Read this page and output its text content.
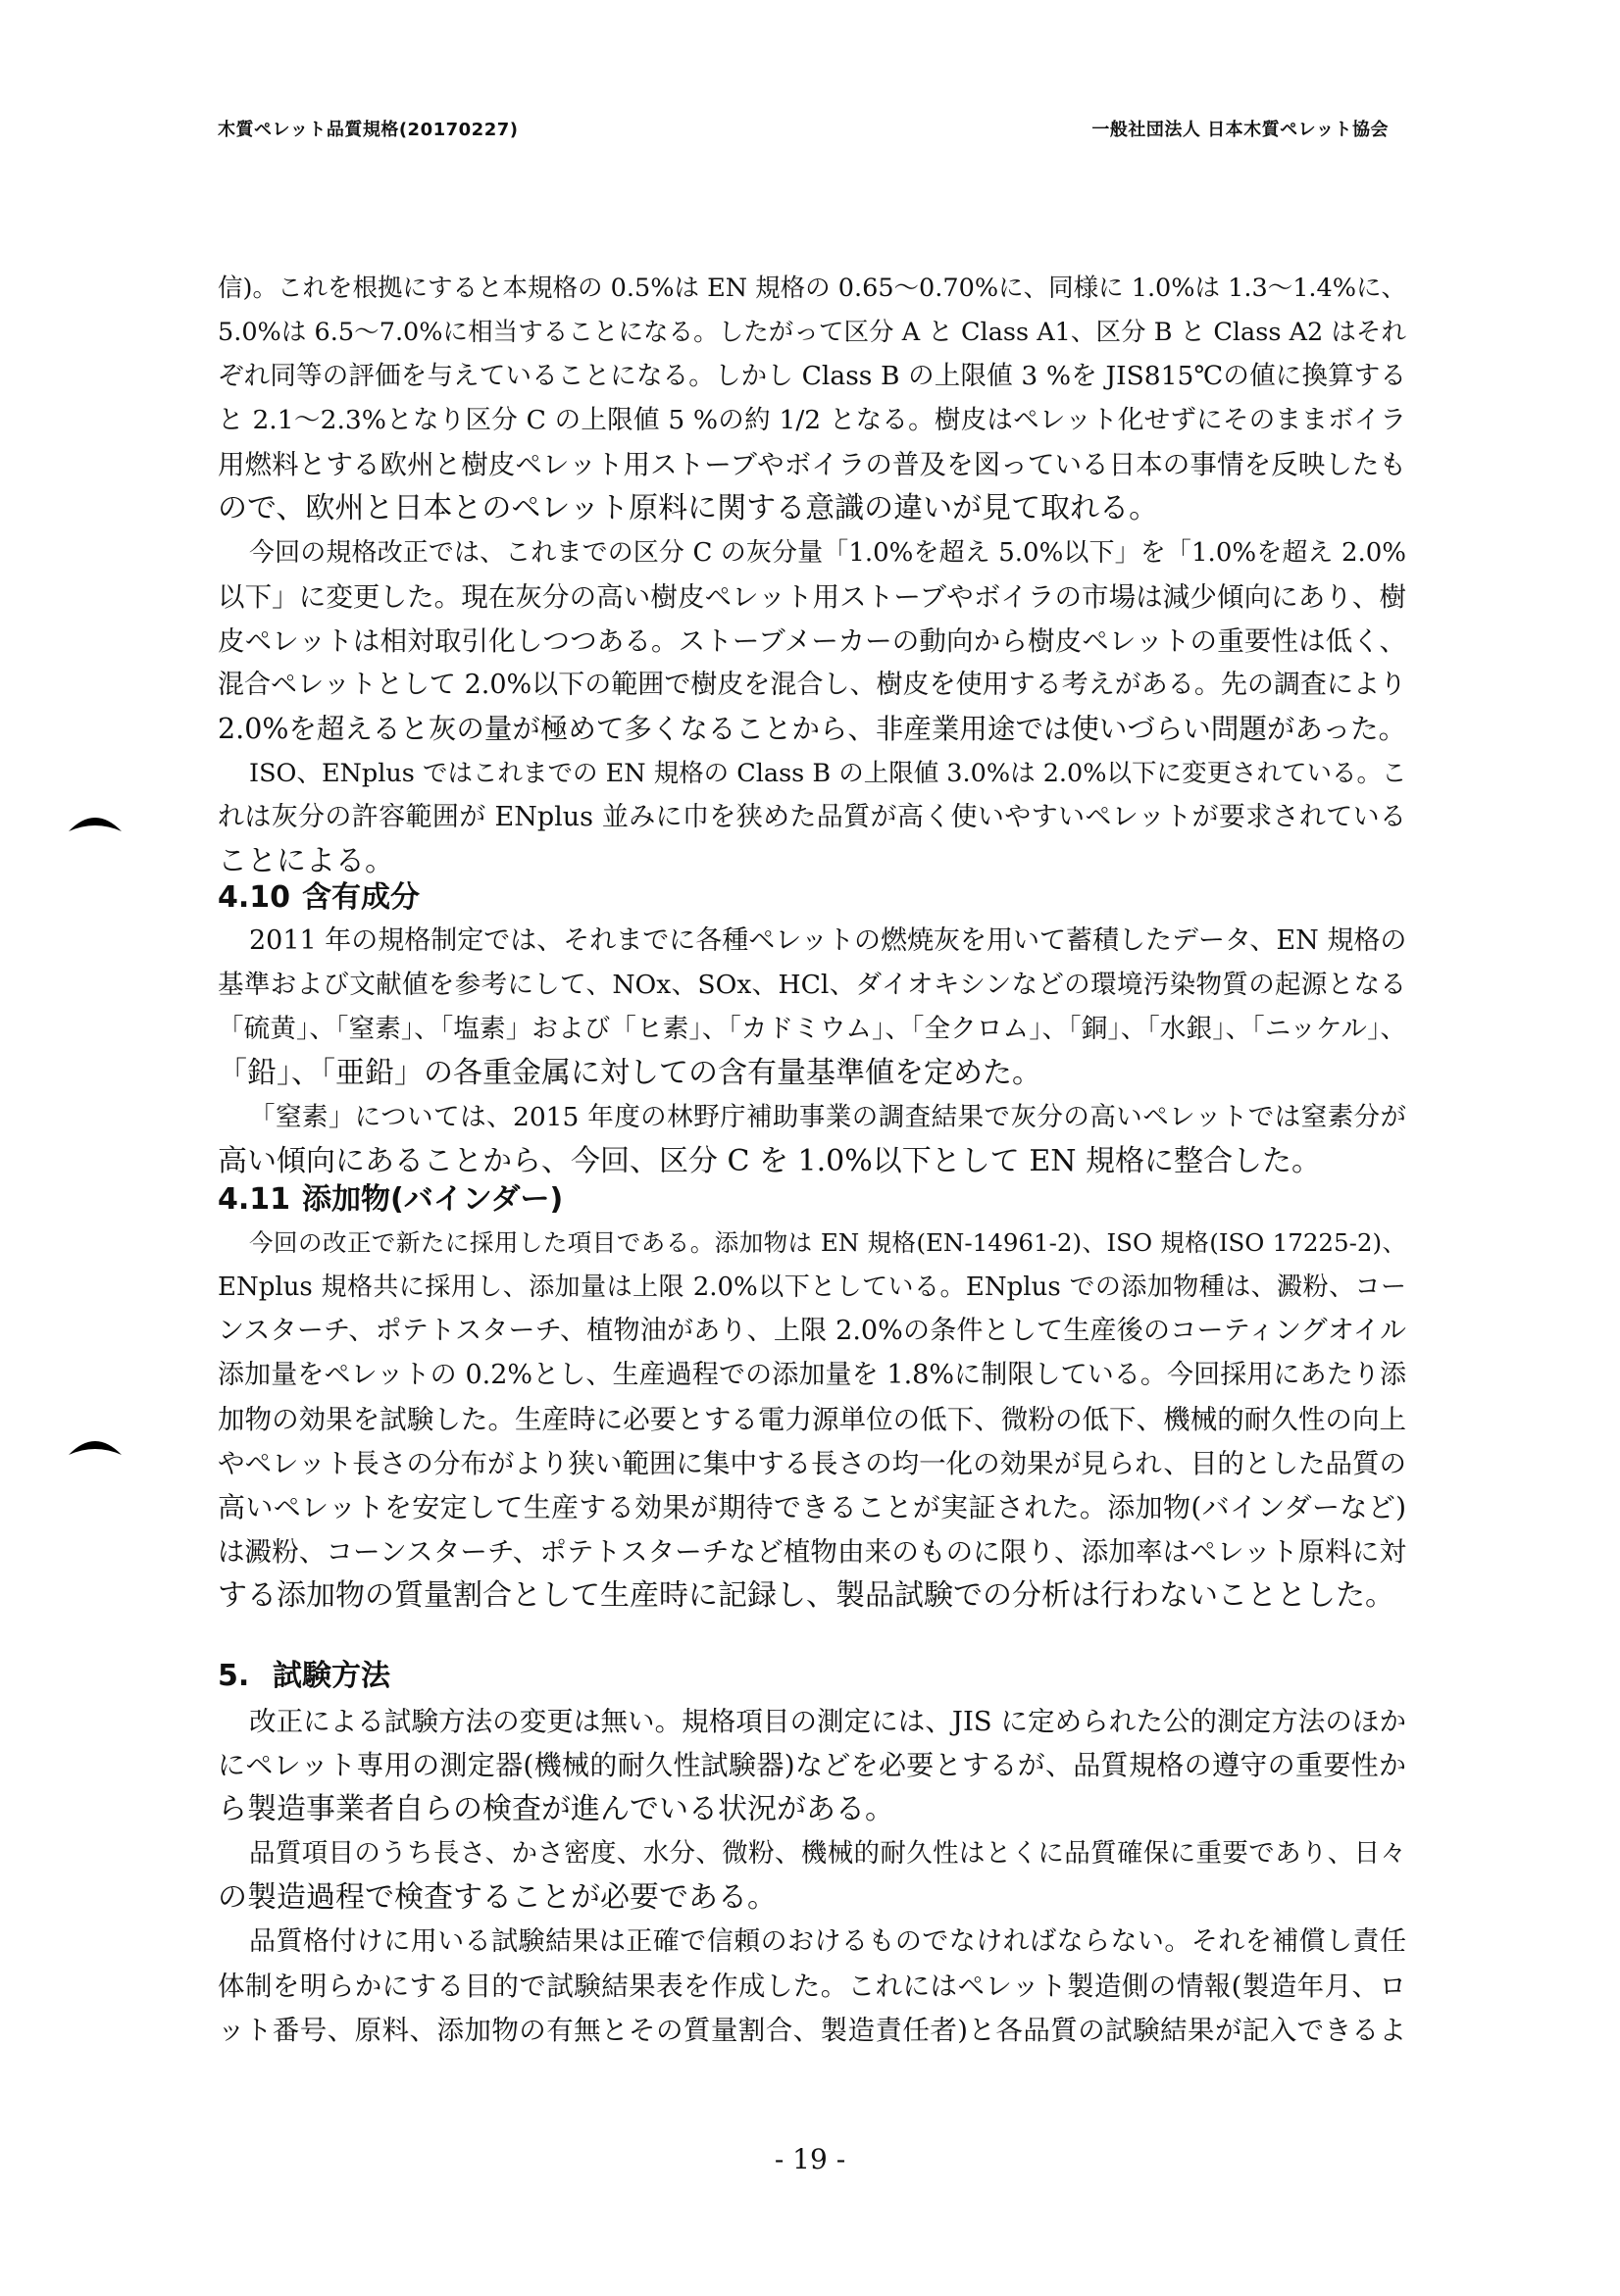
木質ペレット品質規格(20170227)	一般社団法人 日本木質ペレット協会
信)。これを根拠にすると本規格の 0.5%は EN 規格の 0.65〜0.70%に、同様に 1.0%は 1.3〜1.4%に、
5.0%は 6.5〜7.0%に相当することになる。したがって区分 A と Class A1、区分 B と Class A2 はそれ
ぞれ同等の評価を与えていることになる。しかし Class B の上限値 3 %を JIS815℃の値に換算する
と 2.1〜2.3%となり区分 C の上限値 5 %の約 1/2 となる。樹皮はペレット化せずにそのままボイラ
用燃料とする欧州と樹皮ペレット用ストーブやボイラの普及を図っている日本の事情を反映したも
ので、欧州と日本とのペレット原料に関する意識の違いが見て取れる。
今回の規格改正では、これまでの区分 C の灰分量「1.0%を超え 5.0%以下」を「1.0%を超え 2.0%
以下」に変更した。現在灰分の高い樹皮ペレット用ストーブやボイラの市場は減少傾向にあり、樹
皮ペレットは相対取引化しつつある。ストーブメーカーの動向から樹皮ペレットの重要性は低く、
混合ペレットとして 2.0%以下の範囲で樹皮を混合し、樹皮を使用する考えがある。先の調査により
2.0%を超えると灰の量が極めて多くなることから、非産業用途では使いづらい問題があった。
ISO、ENplus ではこれまでの EN 規格の Class B の上限値 3.0%は 2.0%以下に変更されている。こ
れは灰分の許容範囲が ENplus 並みに巾を狭めた品質が高く使いやすいペレットが要求されている
ことによる。
4.10 含有成分
2011 年の規格制定では、それまでに各種ペレットの燃焼灰を用いて蓄積したデータ、EN 規格の
基準および文献値を参考にして、NOx、SOx、HCl、ダイオキシンなどの環境汚染物質の起源となる
「硫黄」、「窒素」、「塩素」および「ヒ素」、「カドミウム」、「全クロム」、「銅」、「水銀」、「ニッケル」、
「鉛」、「亜鉛」の各重金属に対しての含有量基準値を定めた。
「窒素」については、2015 年度の林野庁補助事業の調査結果で灰分の高いペレットでは窒素分が
高い傾向にあることから、今回、区分 C を 1.0%以下として EN 規格に整合した。
4.11 添加物(バインダー)
今回の改正で新たに採用した項目である。添加物は EN 規格(EN-14961-2)、ISO 規格(ISO 17225-2)、
ENplus 規格共に採用し、添加量は上限 2.0%以下としている。ENplus での添加物種は、澱粉、コー
ンスターチ、ポテトスターチ、植物油があり、上限 2.0%の条件として生産後のコーティングオイル
添加量をペレットの 0.2%とし、生産過程での添加量を 1.8%に制限している。今回採用にあたり添
加物の効果を試験した。生産時に必要とする電力源単位の低下、微粉の低下、機械的耐久性の向上
やペレット長さの分布がより狭い範囲に集中する長さの均一化の効果が見られ、目的とした品質の
高いペレットを安定して生産する効果が期待できることが実証された。添加物(バインダーなど)
は澱粉、コーンスターチ、ポテトスターチなど植物由来のものに限り、添加率はペレット原料に対
する添加物の質量割合として生産時に記録し、製品試験での分析は行わないこととした。
5. 試験方法
改正による試験方法の変更は無い。規格項目の測定には、JIS に定められた公的測定方法のほか
にペレット専用の測定器(機械的耐久性試験器)などを必要とするが、品質規格の遵守の重要性か
ら製造事業者自らの検査が進んでいる状況がある。
品質項目のうち長さ、かさ密度、水分、微粉、機械的耐久性はとくに品質確保に重要であり、日々
の製造過程で検査することが必要である。
品質格付けに用いる試験結果は正確で信頼のおけるものでなければならない。それを補償し責任
体制を明らかにする目的で試験結果表を作成した。これにはペレット製造側の情報(製造年月、ロ
ット番号、原料、添加物の有無とその質量割合、製造責任者)と各品質の試験結果が記入できるよ
- 19 -
